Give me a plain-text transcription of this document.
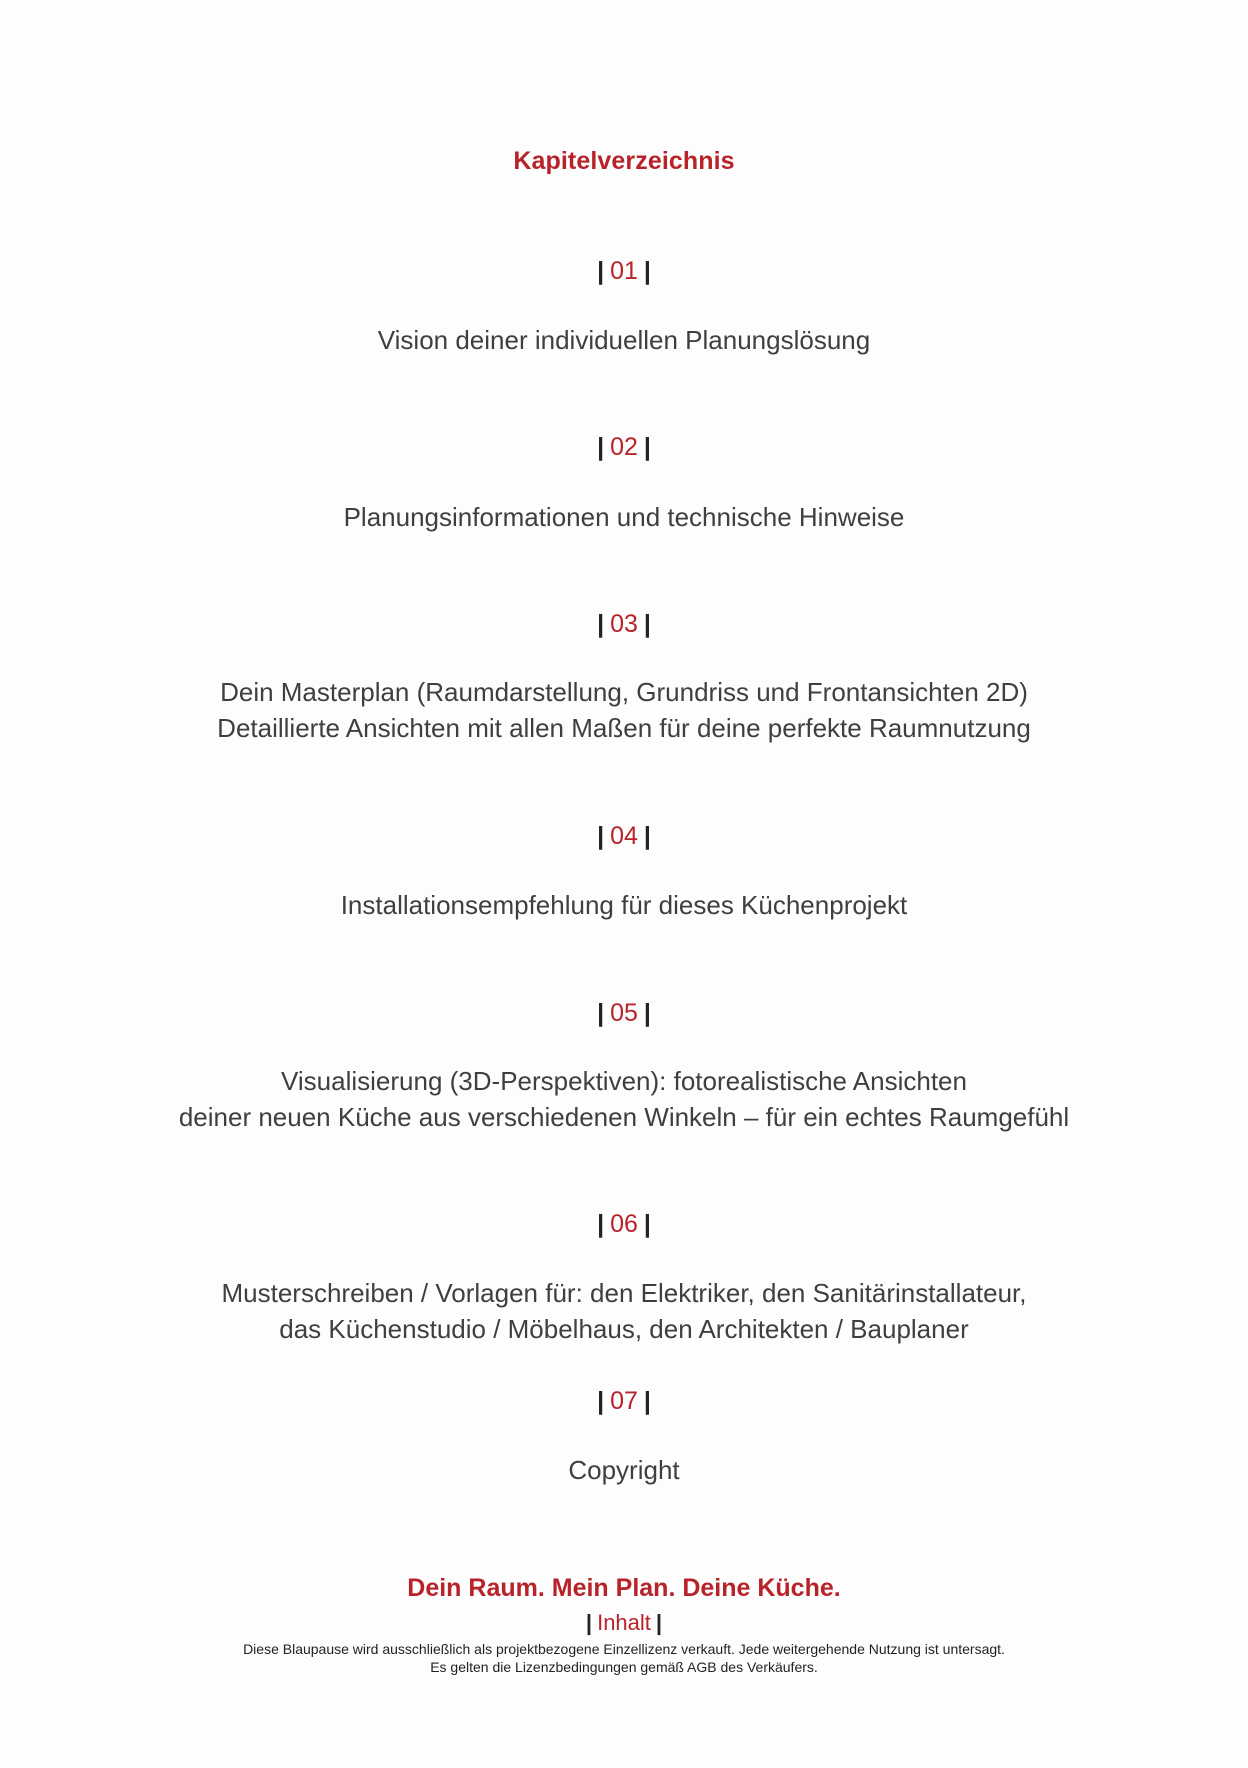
Kapitelverzeichnis
| 01 |
Vision deiner individuellen Planungslösung
| 02 |
Planungsinformationen und technische Hinweise
| 03 |
Dein Masterplan (Raumdarstellung, Grundriss und Frontansichten 2D)
Detaillierte Ansichten mit allen Maßen für deine perfekte Raumnutzung
| 04 |
Installationsempfehlung für dieses Küchenprojekt
| 05 |
Visualisierung (3D-Perspektiven): fotorealistische Ansichten
deiner neuen Küche aus verschiedenen Winkeln – für ein echtes Raumgefühl
| 06 |
Musterschreiben / Vorlagen für: den Elektriker, den Sanitärinstallateur,
das Küchenstudio / Möbelhaus, den Architekten / Bauplaner
| 07 |
Copyright
Dein Raum. Mein Plan. Deine Küche.
| Inhalt |
Diese Blaupause wird ausschließlich als projektbezogene Einzellizenz verkauft. Jede weitergehende Nutzung ist untersagt.
Es gelten die Lizenzbedingungen gemäß AGB des Verkäufers.
